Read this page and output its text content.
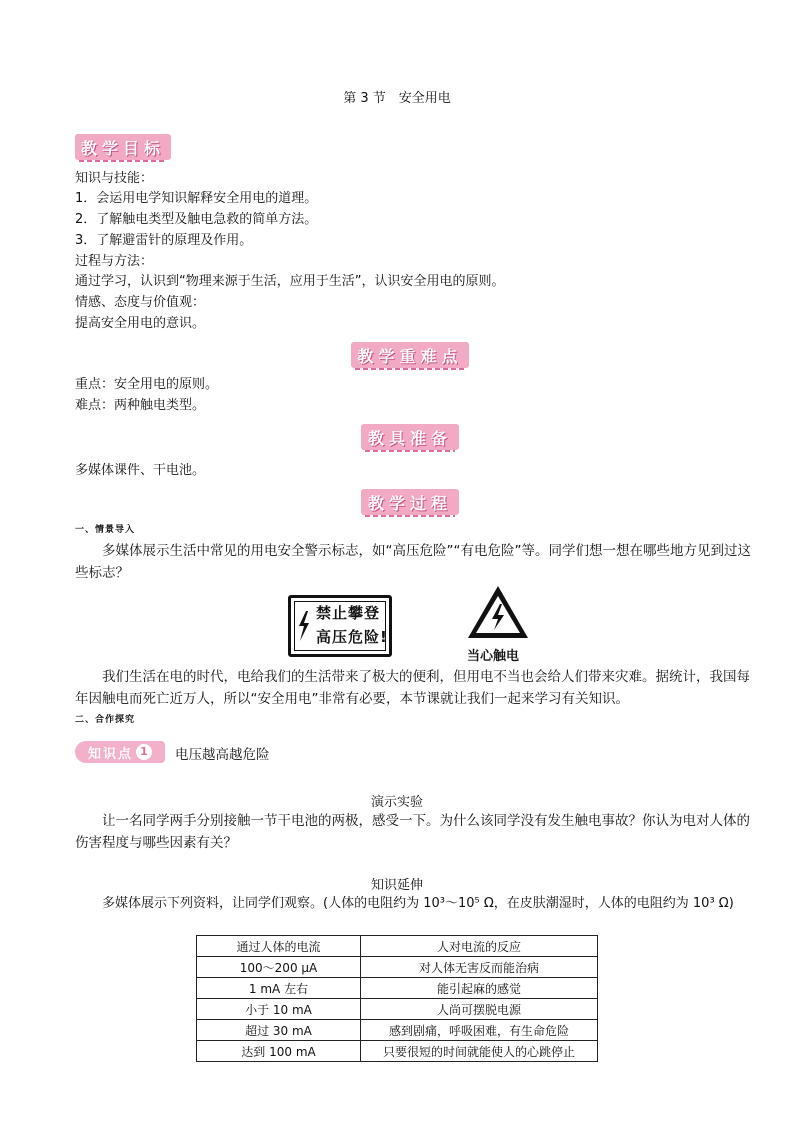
第 3 节　安全用电
教学目标
知识与技能：
1．会运用电学知识解释安全用电的道理。
2．了解触电类型及触电急救的简单方法。
3．了解避雷针的原理及作用。
过程与方法：
通过学习，认识到“物理来源于生活，应用于生活”，认识安全用电的原则。
情感、态度与价值观：
提高安全用电的意识。
教学重难点
重点：安全用电的原则。
难点：两种触电类型。
教具准备
多媒体课件、干电池。
教学过程
一、情景导入
多媒体展示生活中常见的用电安全警示标志，如“高压危险”“有电危险”等。同学们想一想在哪些地方见到过这些标志？
禁止攀登
高压危险!
当心触电
我们生活在电的时代，电给我们的生活带来了极大的便利，但用电不当也会给人们带来灾难。据统计，我国每年因触电而死亡近万人，所以“安全用电”非常有必要，本节课就让我们一起来学习有关知识。
二、合作探究
知识点 1	电压越高越危险
演示实验
让一名同学两手分别接触一节干电池的两极，感受一下。为什么该同学没有发生触电事故？你认为电对人体的伤害程度与哪些因素有关？
知识延伸
多媒体展示下列资料，让同学们观察。(人体的电阻约为 10³～10⁵ Ω，在皮肤潮湿时，人体的电阻约为 10³ Ω)
通过人体的电流	人对电流的反应
100～200 μA	对人体无害反而能治病
1 mA 左右	能引起麻的感觉
小于 10 mA	人尚可摆脱电源
超过 30 mA	感到剧痛，呼吸困难，有生命危险
达到 100 mA	只要很短的时间就能使人的心跳停止
